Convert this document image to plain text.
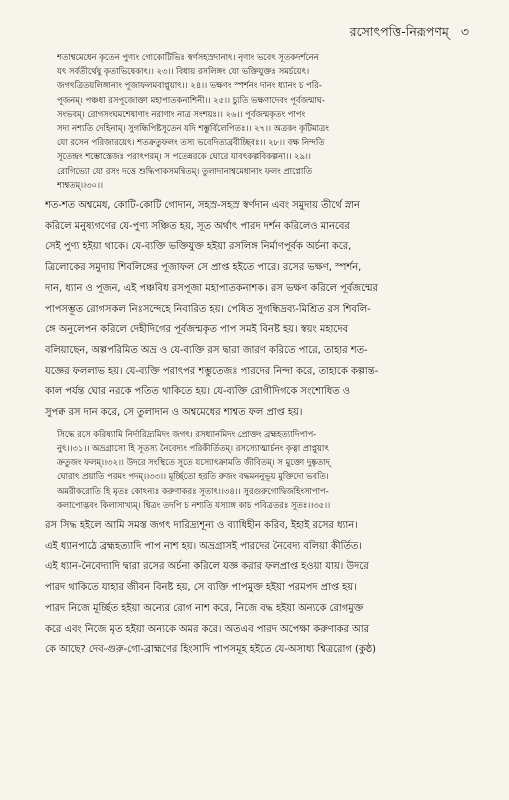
রসোৎপত্তি-নিরূপণম্ ৩
শতাশ্বমেধেন কৃতেন পুণ্যং গোকোটিভিঃ স্বর্ণসহস্রদানাৎ। নৃণাং ভবেৎ সূতকদর্শনেন
যৎ সর্বতীর্থেষু কৃতাভিষেকাৎ।। ২৩।। বিধায় রসলিঙ্গং যো ভক্তিযুক্তঃ সমর্চয়েৎ।
জগৎত্রিতয়লিঙ্গানাং পূজাফলমবাপ্নুয়াৎ।। ২৪।। ভক্ষণং স্পর্শনং দানং ধ্যানং চ পরি-
পূজনম্। পঞ্চধা রসপূজোক্তা মহাপাতকনাশিনী।। ২৫।। চ্যুতি ভক্ষণাদেবং পূর্বজন্মাঘ-
সংভবম্। রোগসংঘমশেষাণাং নরাণাং নাত্র সংশয়ঃ।। ২৬।। পূর্বজন্মকৃতং পাপং
সদা নশ্যতি দেহিনাম্। সুগন্ধিপিষ্টসূতেন যদি শম্ভুর্বিলেপিতঃ।। ২৭।। অত্রকং কৃটিমাত্রং
যো রসেন পরিজারয়েৎ। শতক্রতুফলং তস্য ভবেদিত্যব্রবীচ্ছিবঃ।। ২৮।। বক্ষ নিন্দতি
সূতেন্দ্রং শম্ভোস্তেজঃ পরাৎপরম্। স পতেন্নরকে ঘোরে যাবৎকল্পবিকল্পনা।। ২৯।।
রোগিভ্যো যো রসং দত্তে শুদ্ধিপাকসমন্বিতম্। তুলাদানাশ্বমেধানাং ফলং প্রাপ্নোতি
শাশ্বতম্।।৩০।।
শত-শত অশ্বমেধ, কোটি-কোটি গোদান, সহস্র-সহস্র স্বর্ণদান এবং সমুদায় তীর্থে স্নান
করিলে মনুষ্যগণের যে-পুণ্য সঞ্চিত হয়, সূত অর্থাৎ পারদ দর্শন করিলেও মানবের
সেই পুণ্য হইয়া থাকে। যে-ব্যক্তি ভক্তিযুক্ত হইয়া রসলিঙ্গ নির্মাণপূর্বক অর্চনা করে,
ত্রিলোকের সমুদায় শিবলিঙ্গের পূজাফল সে প্রাপ্ত হইতে পারে। রসের ভক্ষণ, স্পর্শন,
দান, ধ্যান ও পূজন, এই পঞ্চবিধ রসপূজা মহাপাতকনাশক। রস ভক্ষণ করিলে পূর্বজন্মের
পাপসম্ভূত রোগসকল নিঃসন্দেহে নিবারিত হয়। পেষিত সুগন্ধিদ্রব্য-মিশ্রিত রস শিবলি-
ঙ্গে অনুলেপন করিলে দেহীদিগের পূর্বজন্মকৃত পাপ সমই বিনষ্ট হয়। স্বয়ং মহাদেব
বলিয়াছেন, অল্পপরিমিত অভ্র ও যে-ব্যক্তি রস দ্বারা জারণ করিতে পারে, তাহার শত-
যজ্ঞের ফললাভ হয়। যে-ব্যক্তি পরাৎপর শম্ভুতেজঃ পারদের নিন্দা করে, তাহাকে কল্পান্ত-
কাল পর্যন্ত ঘোর নরকে পতিত থাকিতে হয়। যে-ব্যক্তি রোগীদিগকে সংশোধিত ও
সুপক্ব রস দান করে, সে তুলাদান ও অশ্বমেধের শাশ্বত ফল প্রাপ্ত হয়।
সিদ্ধে রসে করিষ্যামি নির্দারিদ্র্যমিদং জগৎ। রসধ্যানমিদং প্রোক্তং ব্রহ্মহত্যাদিপাপ-
নুৎ।।৩১।। অভ্রগ্রাসো হি সূতস্য নৈবেদ্যং পরিকীর্তিতম্। রসস্যোত্মার্চনং কৃত্বা প্রাপ্নুয়াৎ
ক্রতুজং ফলম্।।৩২।। উদরে সংস্থিতে সূতে যস্যোৎক্রামতি জীবিতম্। স মুক্তো দুষ্কৃতাদ্
ঘোরাৎ প্রয়াতি পরমং পদম্।।৩৩।। মূর্চ্ছিতো হরতি রুজং বদ্ধমননুভূয় মুক্তিদো ভবতি।
অমরীকরোতি হি মৃতঃ কোঽন্যঃ করুণাকরঃ সূতাৎ।।৩৪।। সুরগুরুগোদ্বিজহিংসাপাপ-
কলাপোদ্ভবং কিলাসাখ্যম্। শ্বিত্রং তদপি চ নশ্যতি যস্যাঙ্গ কাচ পবিত্রতরঃ সূতঃ।।৩৫।।
রস সিদ্ধ হইলে আমি সমস্ত জগৎ দারিদ্র্যশূন্য ও ব্যাধিহীন করিব, ইহাই রসের ধ্যান।
এই ধ্যানপাঠে ব্রহ্মহত্যাদি পাপ নাশ হয়। অভ্রগ্রাসই পারদের নৈবেদ্য বলিয়া কীর্তিত।
এই ধ্যান-নৈবেদ্যাদি দ্বারা রসের অর্চনা করিলে যজ্ঞ করার ফলপ্রাপ্ত হওয়া যায়। উদরে
পারদ থাকিতে যাহার জীবন বিনষ্ট হয়, সে ব্যক্তি পাপমুক্ত হইয়া পরমপদ প্রাপ্ত হয়।
পারদ নিজে মূর্চ্ছিত হইয়া অন্যের রোগ নাশ করে, নিজে বদ্ধ হইয়া অন্যকে রোগমুক্ত
করে এবং নিজে মৃত হইয়া অন্যকে অমর করে। অতএব পারদ অপেক্ষা করুণাকর আর
কে আছে? দেব-গুরু-গো-ব্রাহ্মণের হিংসাদি পাপসমূহ হইতে যে-অসাধ্য শ্বিত্ররোগ (কুষ্ঠ)
